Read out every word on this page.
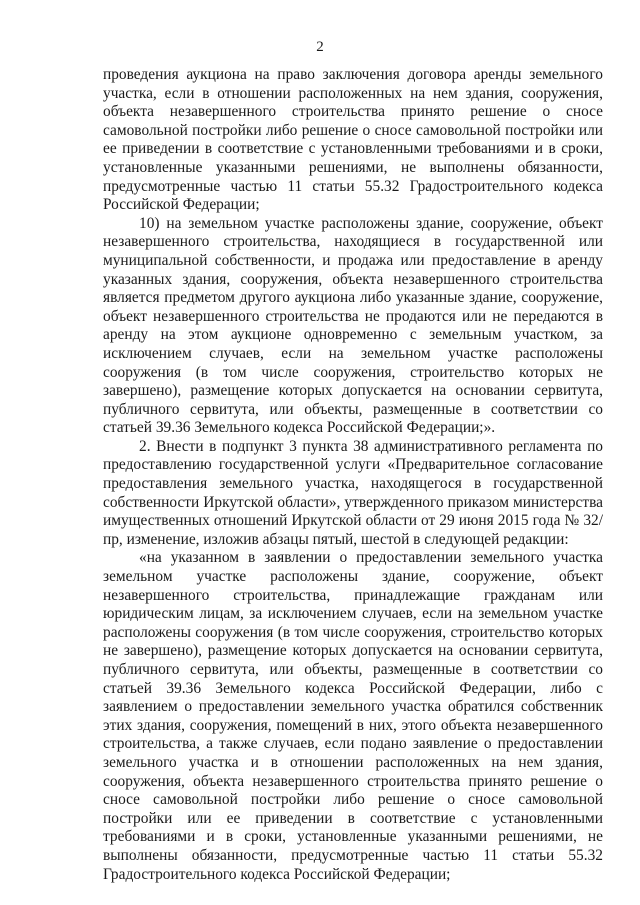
2

проведения аукциона на право заключения договора аренды земельного участка, если в отношении расположенных на нем здания, сооружения, объекта незавершенного строительства принято решение о сносе самовольной постройки либо решение о сносе самовольной постройки или ее приведении в соответствие с установленными требованиями и в сроки, установленные указанными решениями, не выполнены обязанности, предусмотренные частью 11 статьи 55.32 Градостроительного кодекса Российской Федерации;

10) на земельном участке расположены здание, сооружение, объект незавершенного строительства, находящиеся в государственной или муниципальной собственности, и продажа или предоставление в аренду указанных здания, сооружения, объекта незавершенного строительства является предметом другого аукциона либо указанные здание, сооружение, объект незавершенного строительства не продаются или не передаются в аренду на этом аукционе одновременно с земельным участком, за исключением случаев, если на земельном участке расположены сооружения (в том числе сооружения, строительство которых не завершено), размещение которых допускается на основании сервитута, публичного сервитута, или объекты, размещенные в соответствии со статьей 39.36 Земельного кодекса Российской Федерации;».

2. Внести в подпункт 3 пункта 38 административного регламента по предоставлению государственной услуги «Предварительное согласование предоставления земельного участка, находящегося в государственной собственности Иркутской области», утвержденного приказом министерства имущественных отношений Иркутской области от 29 июня 2015 года № 32/пр, изменение, изложив абзацы пятый, шестой в следующей редакции:

«на указанном в заявлении о предоставлении земельного участка земельном участке расположены здание, сооружение, объект незавершенного строительства, принадлежащие гражданам или юридическим лицам, за исключением случаев, если на земельном участке расположены сооружения (в том числе сооружения, строительство которых не завершено), размещение которых допускается на основании сервитута, публичного сервитута, или объекты, размещенные в соответствии со статьей 39.36 Земельного кодекса Российской Федерации, либо с заявлением о предоставлении земельного участка обратился собственник этих здания, сооружения, помещений в них, этого объекта незавершенного строительства, а также случаев, если подано заявление о предоставлении земельного участка и в отношении расположенных на нем здания, сооружения, объекта незавершенного строительства принято решение о сносе самовольной постройки либо решение о сносе самовольной постройки или ее приведении в соответствие с установленными требованиями и в сроки, установленные указанными решениями, не выполнены обязанности, предусмотренные частью 11 статьи 55.32 Градостроительного кодекса Российской Федерации;
